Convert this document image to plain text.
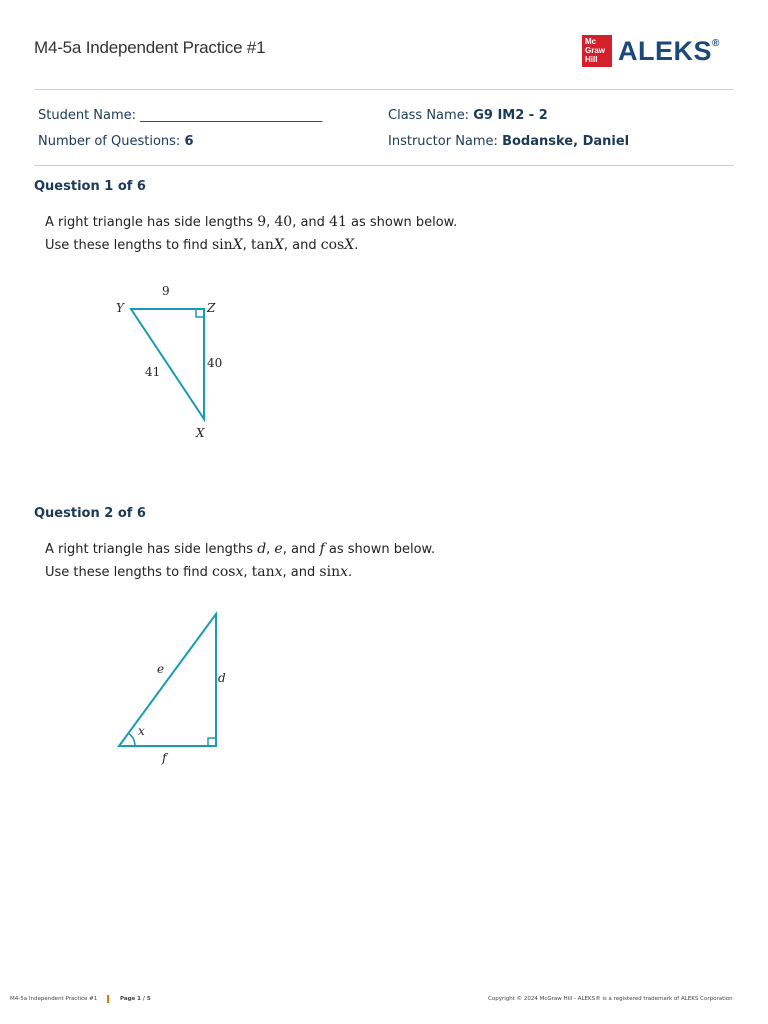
M4-5a Independent Practice #1	Mc
Graw
Hill ALEKS®
Student Name: ____________________________
Number of Questions: 6
Class Name: G9 IM2 - 2
Instructor Name: Bodanske, Daniel
Question 1 of 6
A right triangle has side lengths 9, 40, and 41 as shown below.
Use these lengths to find sinX, tanX, and cosX.
9
40
41
Y	Z
X
Question 2 of 6
A right triangle has side lengths d, e, and f as shown below.
Use these lengths to find cosx, tanx, and sinx.
x
e
d
f
M4-5a Independent Practice #1	Page 1 / 5	Copyright © 2024 McGraw Hill - ALEKS® is a registered trademark of ALEKS Corporation
